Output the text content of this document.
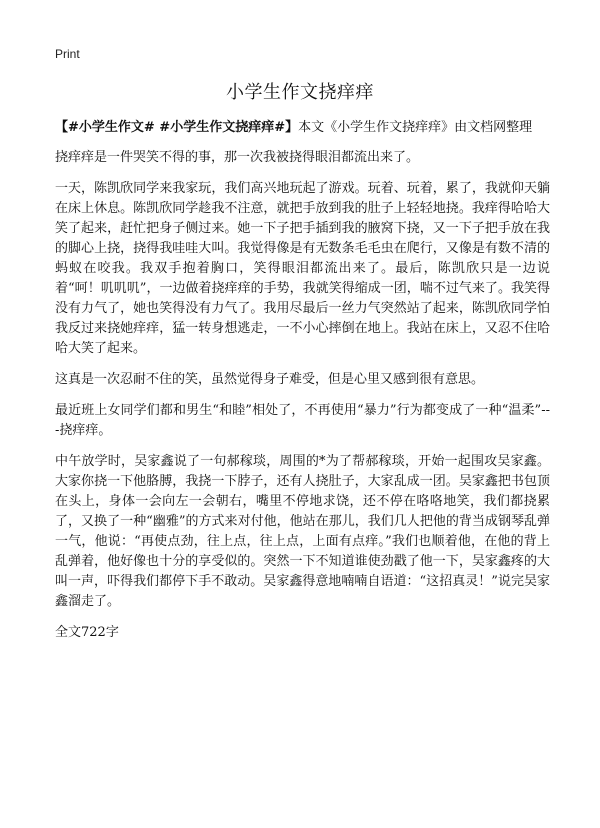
Print
小学生作文挠痒痒

【#小学生作文# #小学生作文挠痒痒#】本文《小学生作文挠痒痒》由文档网整理

挠痒痒是一件哭笑不得的事，那一次我被挠得眼泪都流出来了。

一天，陈凯欣同学来我家玩，我们高兴地玩起了游戏。玩着、玩着，累了，我就仰天躺在床上休息。陈凯欣同学趁我不注意，就把手放到我的肚子上轻轻地挠。我痒得哈哈大笑了起来，赶忙把身子侧过来。她一下子把手插到我的腋窝下挠，又一下子把手放在我的脚心上挠，挠得我哇哇大叫。我觉得像是有无数条毛毛虫在爬行，又像是有数不清的蚂蚁在咬我。我双手抱着胸口，笑得眼泪都流出来了。最后，陈凯欣只是一边说着“呵！叽叽叽”，一边做着挠痒痒的手势，我就笑得缩成一团，喘不过气来了。我笑得没有力气了，她也笑得没有力气了。我用尽最后一丝力气突然站了起来，陈凯欣同学怕我反过来挠她痒痒，猛一转身想逃走，一不小心摔倒在地上。我站在床上，又忍不住哈哈大笑了起来。

这真是一次忍耐不住的笑，虽然觉得身子难受，但是心里又感到很有意思。

最近班上女同学们都和男生“和睦”相处了，不再使用“暴力”行为都变成了一种“温柔”---挠痒痒。

中午放学时，吴家鑫说了一句郝稼琰，周围的*为了帮郝稼琰，开始一起围攻吴家鑫。大家你挠一下他胳膊，我挠一下脖子，还有人挠肚子，大家乱成一团。吴家鑫把书包顶在头上，身体一会向左一会朝右，嘴里不停地求饶，还不停在咯咯地笑，我们都挠累了，又换了一种“幽雅”的方式来对付他，他站在那儿，我们几人把他的背当成钢琴乱弹一气，他说：“再使点劲，往上点，往上点，上面有点痒。”我们也顺着他，在他的背上乱弹着，他好像也十分的享受似的。突然一下不知道谁使劲戳了他一下，吴家鑫疼的大叫一声，吓得我们都停下手不敢动。吴家鑫得意地喃喃自语道：“这招真灵！”说完吴家鑫溜走了。

全文722字
